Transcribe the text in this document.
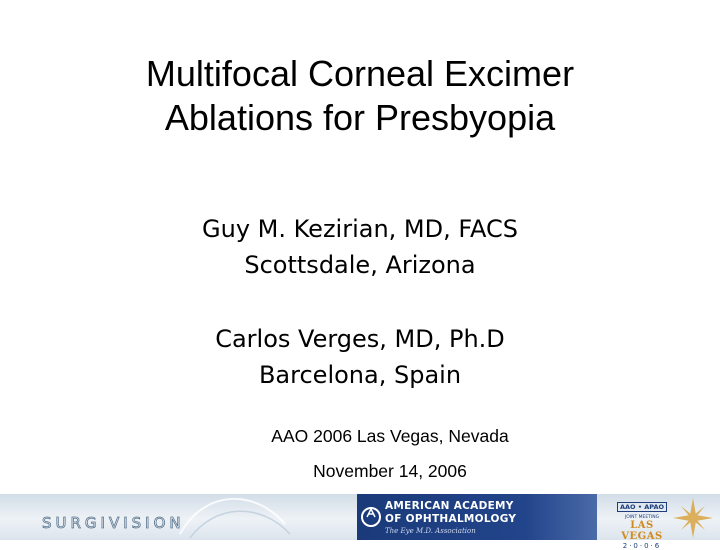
Multifocal Corneal Excimer
Ablations for Presbyopia
Guy M. Kezirian, MD, FACS
Scottsdale, Arizona
Carlos Verges, MD, Ph.D
Barcelona, Spain
AAO 2006 Las Vegas, Nevada
November 14, 2006
SURGIVISION
AMERICAN ACADEMY
OF OPHTHALMOLOGY
The Eye M.D. Association
AAO • APAO
JOINT MEETING
LAS VEGAS
2·0·0·6
